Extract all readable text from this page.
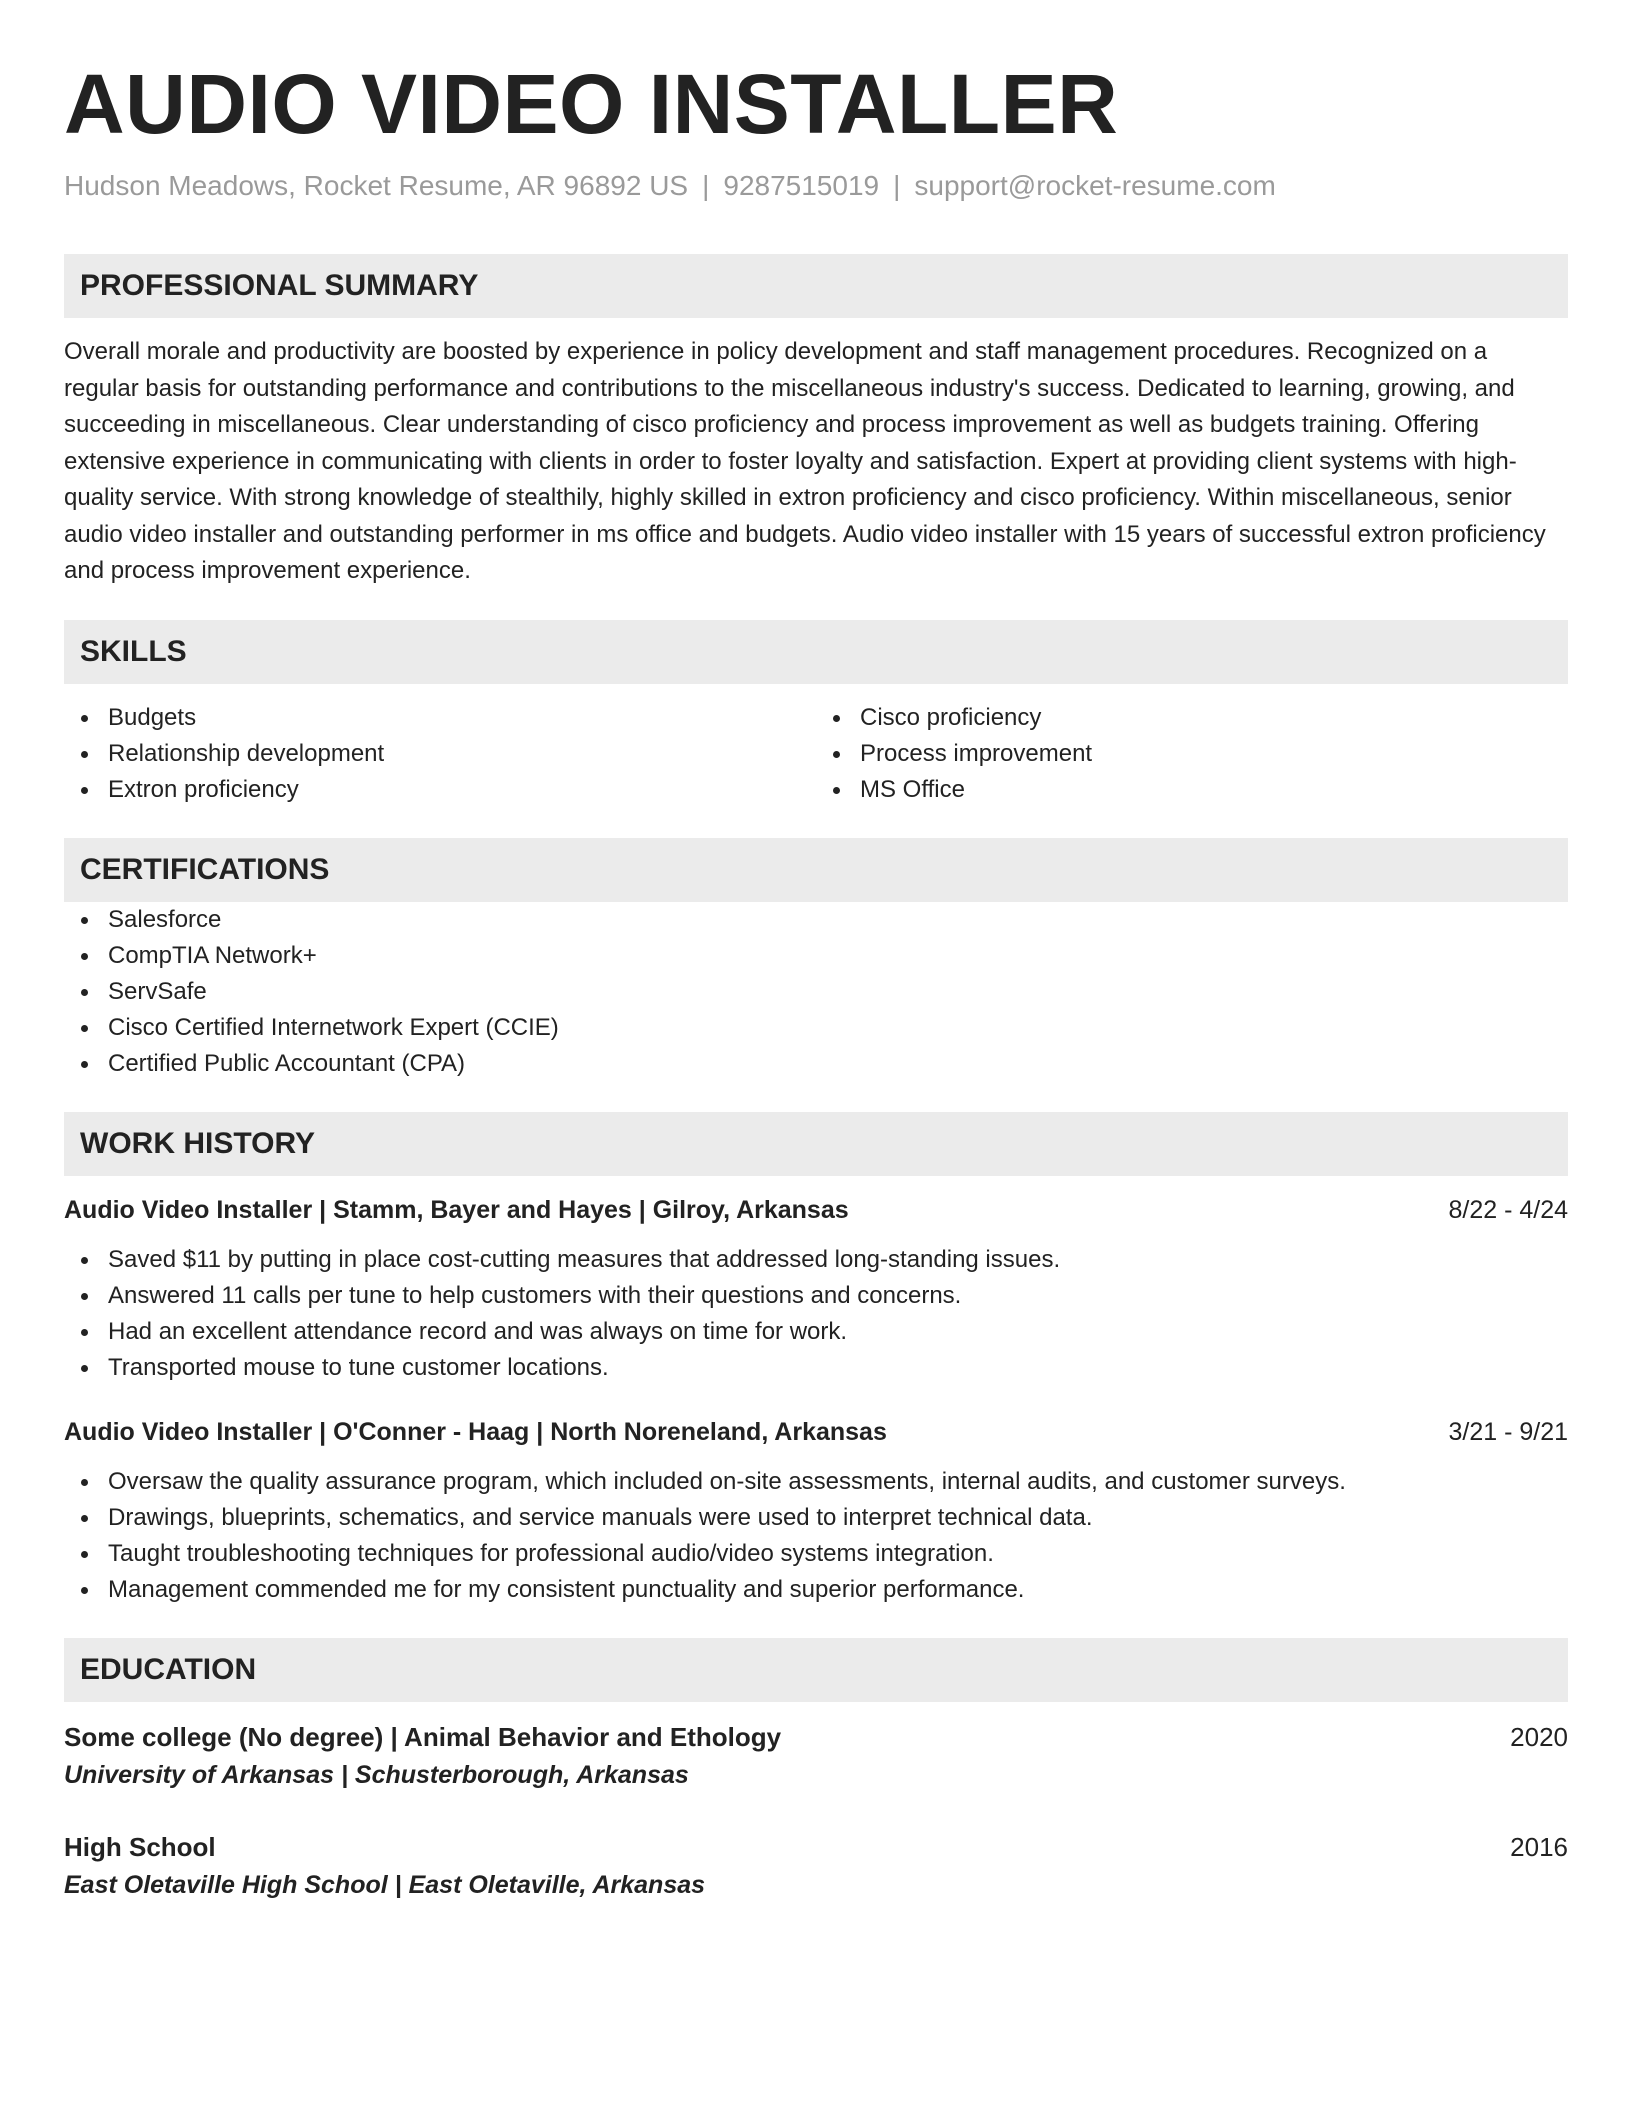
AUDIO VIDEO INSTALLER
Hudson Meadows, Rocket Resume, AR 96892 US | 9287515019 | support@rocket-resume.com
PROFESSIONAL SUMMARY

Overall morale and productivity are boosted by experience in policy development and staff management procedures. Recognized on a regular basis for outstanding performance and contributions to the miscellaneous industry's success. Dedicated to learning, growing, and succeeding in miscellaneous. Clear understanding of cisco proficiency and process improvement as well as budgets training. Offering extensive experience in communicating with clients in order to foster loyalty and satisfaction. Expert at providing client systems with high-quality service. With strong knowledge of stealthily, highly skilled in extron proficiency and cisco proficiency. Within miscellaneous, senior audio video installer and outstanding performer in ms office and budgets. Audio video installer with 15 years of successful extron proficiency and process improvement experience.

SKILLS
Budgets
Relationship development
Extron proficiency
Cisco proficiency
Process improvement
MS Office
CERTIFICATIONS
Salesforce
CompTIA Network+
ServSafe
Cisco Certified Internetwork Expert (CCIE)
Certified Public Accountant (CPA)
WORK HISTORY
Audio Video Installer | Stamm, Bayer and Hayes | Gilroy, Arkansas	8/22 - 4/24
Saved $11 by putting in place cost-cutting measures that addressed long-standing issues.
Answered 11 calls per tune to help customers with their questions and concerns.
Had an excellent attendance record and was always on time for work.
Transported mouse to tune customer locations.
Audio Video Installer | O'Conner - Haag | North Noreneland, Arkansas	3/21 - 9/21
Oversaw the quality assurance program, which included on-site assessments, internal audits, and customer surveys.
Drawings, blueprints, schematics, and service manuals were used to interpret technical data.
Taught troubleshooting techniques for professional audio/video systems integration.
Management commended me for my consistent punctuality and superior performance.
EDUCATION
Some college (No degree) | Animal Behavior and Ethology	2020
University of Arkansas | Schusterborough, Arkansas
High School	2016
East Oletaville High School | East Oletaville, Arkansas
